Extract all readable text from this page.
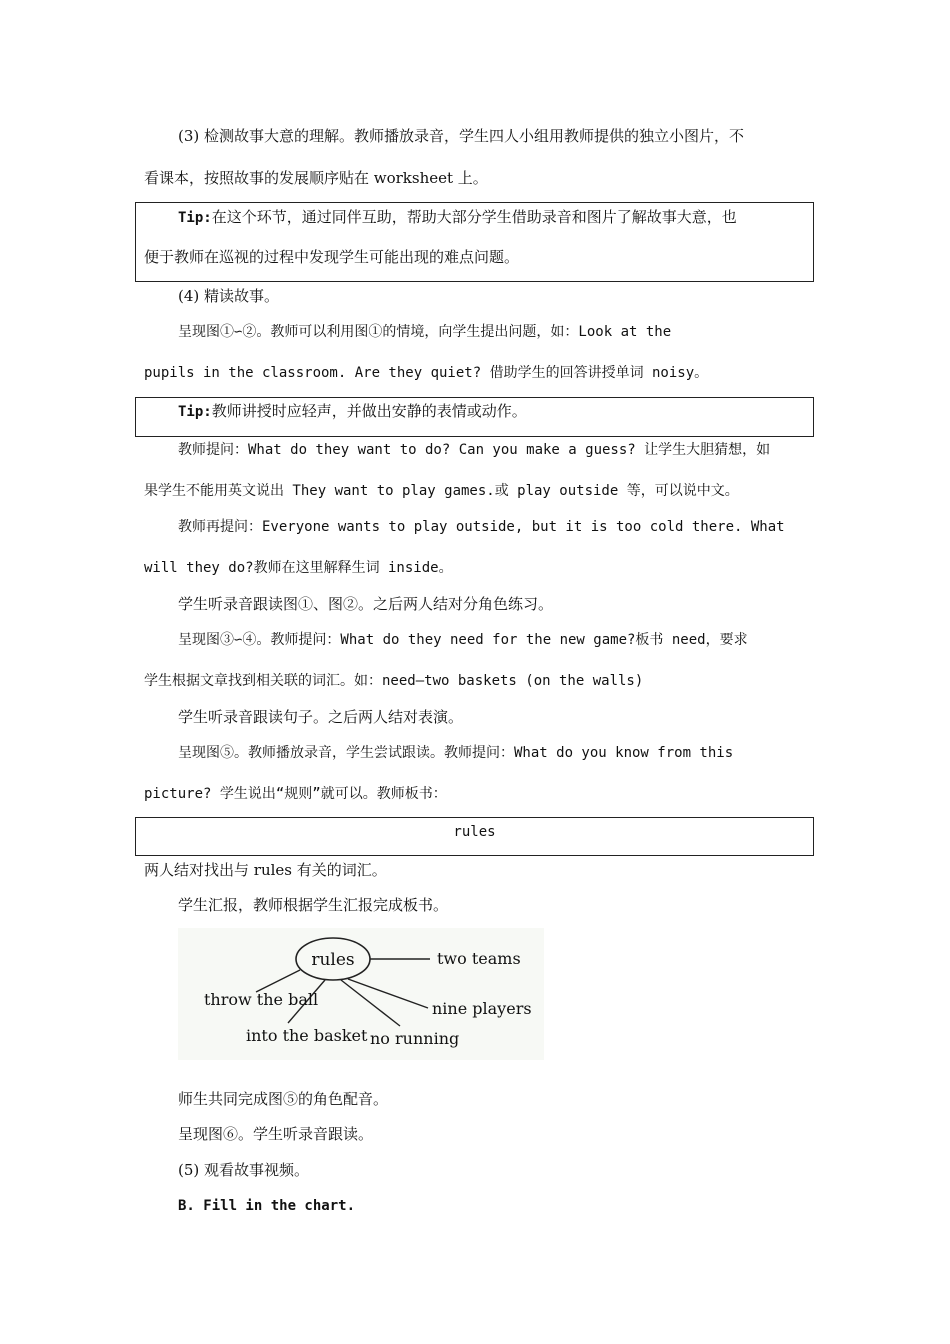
(3) 检测故事大意的理解。教师播放录音，学生四人小组用教师提供的独立小图片，不
看课本，按照故事的发展顺序贴在 worksheet 上。
Tip:在这个环节，通过同伴互助，帮助大部分学生借助录音和图片了解故事大意，也
便于教师在巡视的过程中发现学生可能出现的难点问题。
(4) 精读故事。
呈现图①∽②。教师可以利用图①的情境，向学生提出问题，如：Look at the
pupils in the classroom. Are they quiet? 借助学生的回答讲授单词 noisy。
Tip:教师讲授时应轻声，并做出安静的表情或动作。
教师提问：What do they want to do? Can you make a guess? 让学生大胆猜想，如
果学生不能用英文说出 They want to play games.或 play outside 等，可以说中文。
教师再提问：Everyone wants to play outside, but it is too cold there. What
will they do?教师在这里解释生词 inside。
学生听录音跟读图①、图②。之后两人结对分角色练习。
呈现图③∽④。教师提问：What do they need for the new game?板书 need，要求
学生根据文章找到相关联的词汇。如：need—two baskets (on the walls)
学生听录音跟读句子。之后两人结对表演。
呈现图⑤。教师播放录音，学生尝试跟读。教师提问：What do you know from this
picture? 学生说出“规则”就可以。教师板书：
rules
两人结对找出与 rules 有关的词汇。
学生汇报，教师根据学生汇报完成板书。
rules	two teams
throw the ball	nine players
into the basket no running
师生共同完成图⑤的角色配音。
呈现图⑥。学生听录音跟读。
(5) 观看故事视频。
B. Fill in the chart.
